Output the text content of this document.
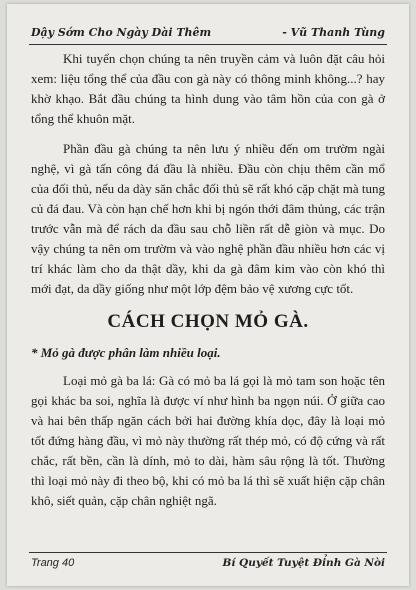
Dậy Sớm Cho Ngày Dài Thêm	- Vũ Thanh Tùng

Khi tuyển chọn chúng ta nên truyền cảm và luôn đặt câu hỏi xem: liệu tổng thể của đầu con gà này có thông minh không...? hay khờ khạo. Bắt đầu chúng ta hình dung vào tâm hồn của con gà ở tổng thể khuôn mặt.

Phần đầu gà chúng ta nên lưu ý nhiều đến om trườm ngài nghệ, vì gà tấn công đá đầu là nhiều. Đầu còn chịu thêm cần mổ của đối thủ, nếu da dày săn chắc đối thủ sẽ rất khó cặp chặt mà tung củ đá đau. Và còn hạn chế hơn khi bị ngón thới đâm thủng, các trận trước vẫn mà để rách da đầu sau chỗ liền rất dễ giòn và mục. Do vậy chúng ta nên om trườm và vào nghệ phần đầu nhiều hơn các vị trí khác làm cho da thật dầy, khi da gà đâm kim vào còn khó thì mới đạt, da dầy giống như một lớp đệm bảo vệ xương cực tốt.

CÁCH CHỌN MỎ GÀ.

* Mỏ gà được phân làm nhiều loại.

Loại mỏ gà ba lá: Gà có mỏ ba lá gọi là mỏ tam son hoặc tên gọi khác ba soi, nghĩa là được ví như hình ba ngọn núi. Ở giữa cao và hai bên thấp ngăn cách bởi hai đường khía dọc, đây là loại mỏ tốt đứng hàng đầu, vì mỏ này thường rất thép mỏ, có độ cứng và rất chắc, rất bền, cần là dính, mỏ to dài, hàm sâu rộng là tốt. Thường thì loại mỏ này đi theo bộ, khi có mỏ ba lá thì sẽ xuất hiện cặp chân khô, siết quản, cặp chân nghiệt ngã.

Trang 40	Bí Quyết Tuyệt Đỉnh Gà Nòi
